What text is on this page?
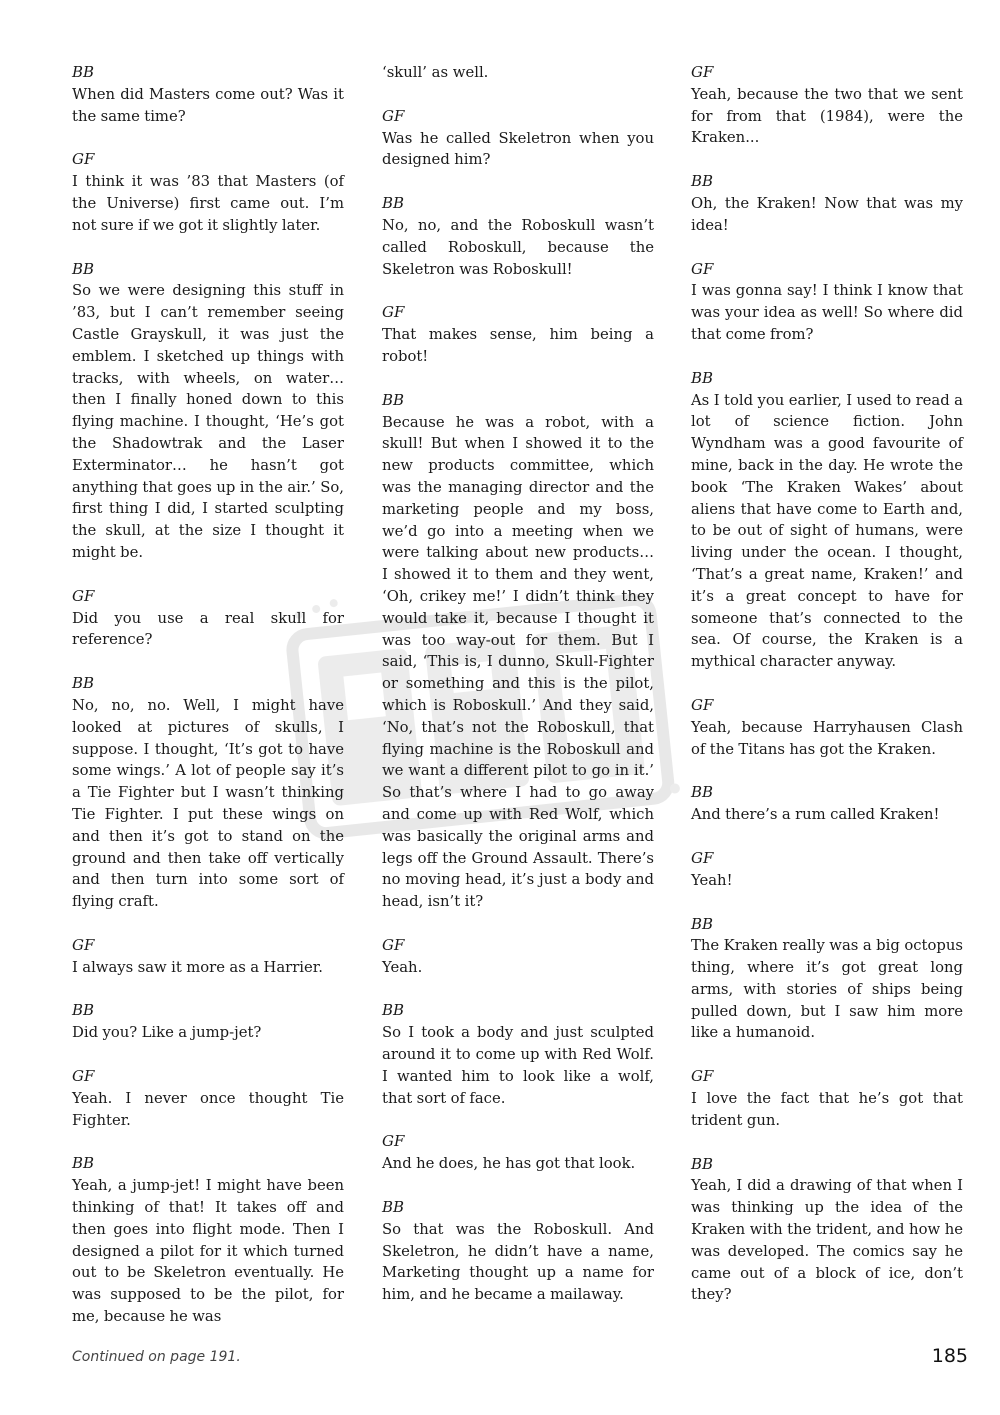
BB
When did Masters come out? Was it the same time?
GF
I think it was ’83 that Masters (of the Universe) first came out. I’m not sure if we got it slightly later.
BB
So we were designing this stuff in ’83, but I can’t remember seeing Castle Grayskull, it was just the emblem. I sketched up things with tracks, with wheels, on water… then I finally honed down to this flying machine. I thought, ‘He’s got the Shadowtrak and the Laser Exterminator… he hasn’t got anything that goes up in the air.’ So, first thing I did, I started sculpting the skull, at the size I thought it might be.
GF
Did you use a real skull for reference?
BB
No, no, no. Well, I might have looked at pictures of skulls, I suppose. I thought, ‘It’s got to have some wings.’ A lot of people say it’s a Tie Fighter but I wasn’t thinking Tie Fighter. I put these wings on and then it’s got to stand on the ground and then take off vertically and then turn into some sort of flying craft.
GF
I always saw it more as a Harrier.
BB
Did you? Like a jump-jet?
GF
Yeah. I never once thought Tie Fighter.
BB
Yeah, a jump-jet! I might have been thinking of that! It takes off and then goes into flight mode. Then I designed a pilot for it which turned out to be Skeletron eventually. He was supposed to be the pilot, for me, because he was
‘skull’ as well.
GF
Was he called Skeletron when you designed him?
BB
No, no, and the Roboskull wasn’t called Roboskull, because the Skeletron was Roboskull!
GF
That makes sense, him being a robot!
BB
Because he was a robot, with a skull! But when I showed it to the new products committee, which was the managing director and the marketing people and my boss, we’d go into a meeting when we were talking about new products… I showed it to them and they went, ‘Oh, crikey me!’ I didn’t think they would take it, because I thought it was too way-out for them. But I said, ‘This is, I dunno, Skull-Fighter or something and this is the pilot, which is Roboskull.’ And they said, ‘No, that’s not the Roboskull, that flying machine is the Roboskull and we want a different pilot to go in it.’ So that’s where I had to go away and come up with Red Wolf, which was basically the original arms and legs off the Ground Assault. There’s no moving head, it’s just a body and head, isn’t it?
GF
Yeah.
BB
So I took a body and just sculpted around it to come up with Red Wolf. I wanted him to look like a wolf, that sort of face.
GF
And he does, he has got that look.
BB
So that was the Roboskull. And Skeletron, he didn’t have a name, Marketing thought up a name for him, and he became a mailaway.
GF
Yeah, because the two that we sent for from that (1984), were the Kraken...
BB
Oh, the Kraken! Now that was my idea!
GF
I was gonna say! I think I know that was your idea as well! So where did that come from?
BB
As I told you earlier, I used to read a lot of science fiction. John Wyndham was a good favourite of mine, back in the day. He wrote the book ‘The Kraken Wakes’ about aliens that have come to Earth and, to be out of sight of humans, were living under the ocean. I thought, ‘That’s a great name, Kraken!’ and it’s a great concept to have for someone that’s connected to the sea. Of course, the Kraken is a mythical character anyway.
GF
Yeah, because Harryhausen Clash of the Titans has got the Kraken.
BB
And there’s a rum called Kraken!
GF
Yeah!
BB
The Kraken really was a big octopus thing, where it’s got great long arms, with stories of ships being pulled down, but I saw him more like a humanoid.
GF
I love the fact that he’s got that trident gun.
BB
Yeah, I did a drawing of that when I was thinking up the idea of the Kraken with the trident, and how he was developed. The comics say he came out of a block of ice, don’t they?
Continued on page 191.	185
